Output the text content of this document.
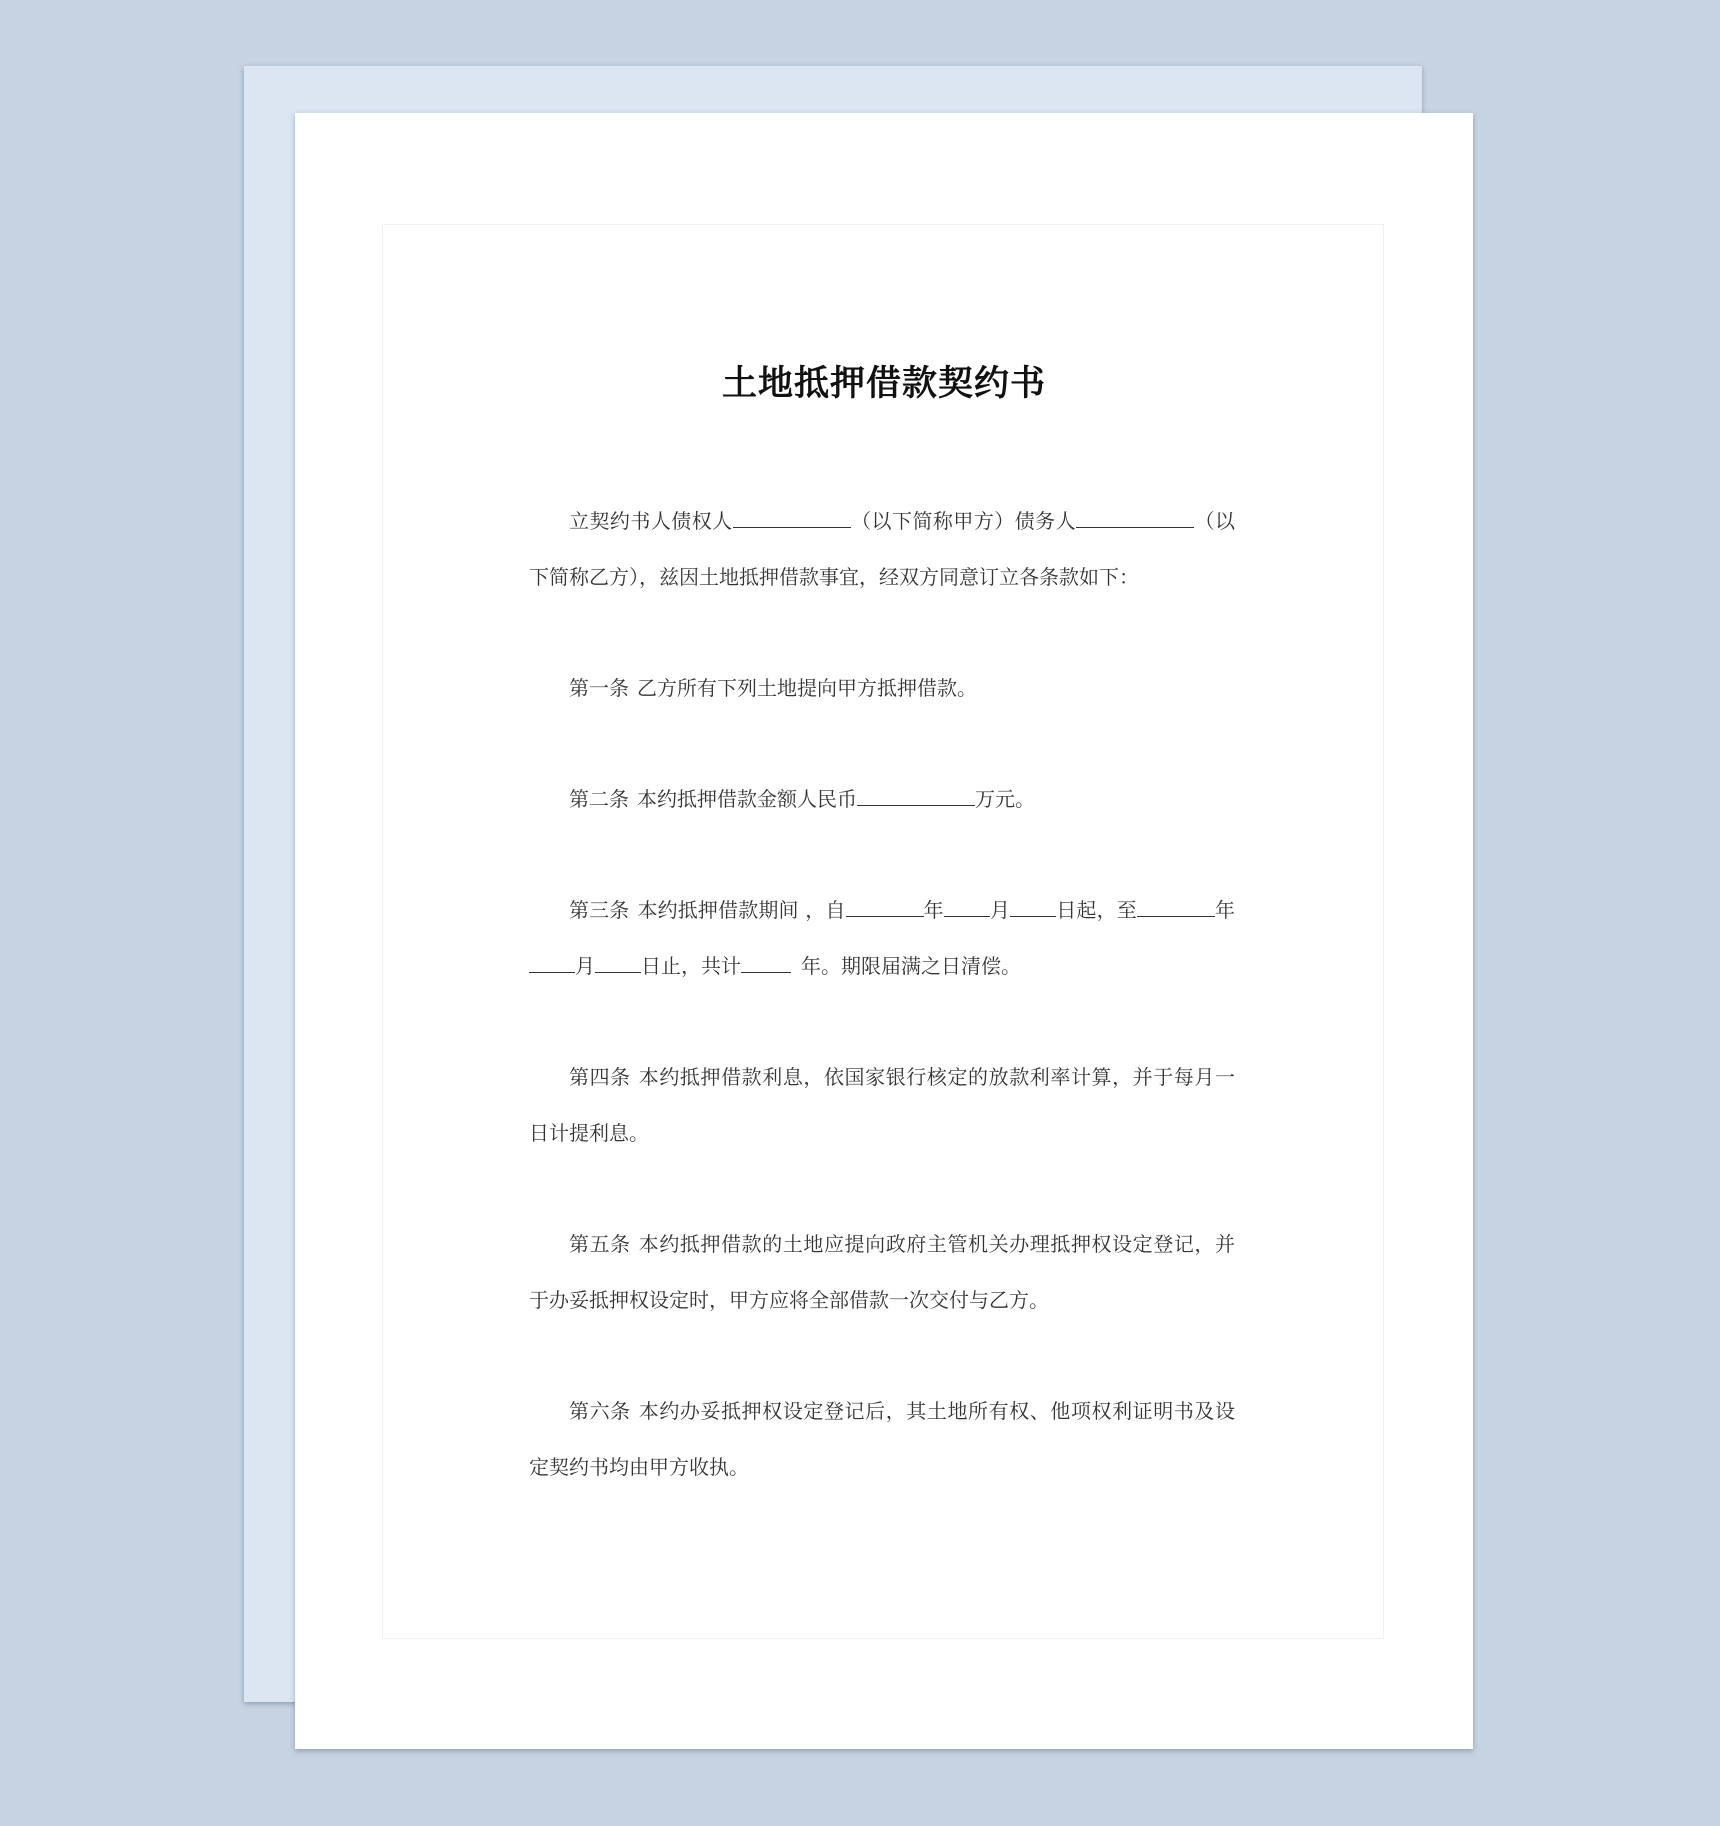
土地抵押借款契约书

立契约书人债权人	（以下简称甲方）债务人	（以下简称乙方），兹因土地抵押借款事宜，经双方同意订立各条款如下：

第一条 乙方所有下列土地提向甲方抵押借款。

第二条 本约抵押借款金额人民币	万元。

第三条 本约抵押借款期间 ，自	年 月 日起，至	年月 日止，共计	年。期限届满之日清偿。

第四条 本约抵押借款利息，依国家银行核定的放款利率计算，并于每月一日计提利息。

第五条 本约抵押借款的土地应提向政府主管机关办理抵押权设定登记，并于办妥抵押权设定时，甲方应将全部借款一次交付与乙方。

第六条 本约办妥抵押权设定登记后，其土地所有权、他项权利证明书及设定契约书均由甲方收执。
